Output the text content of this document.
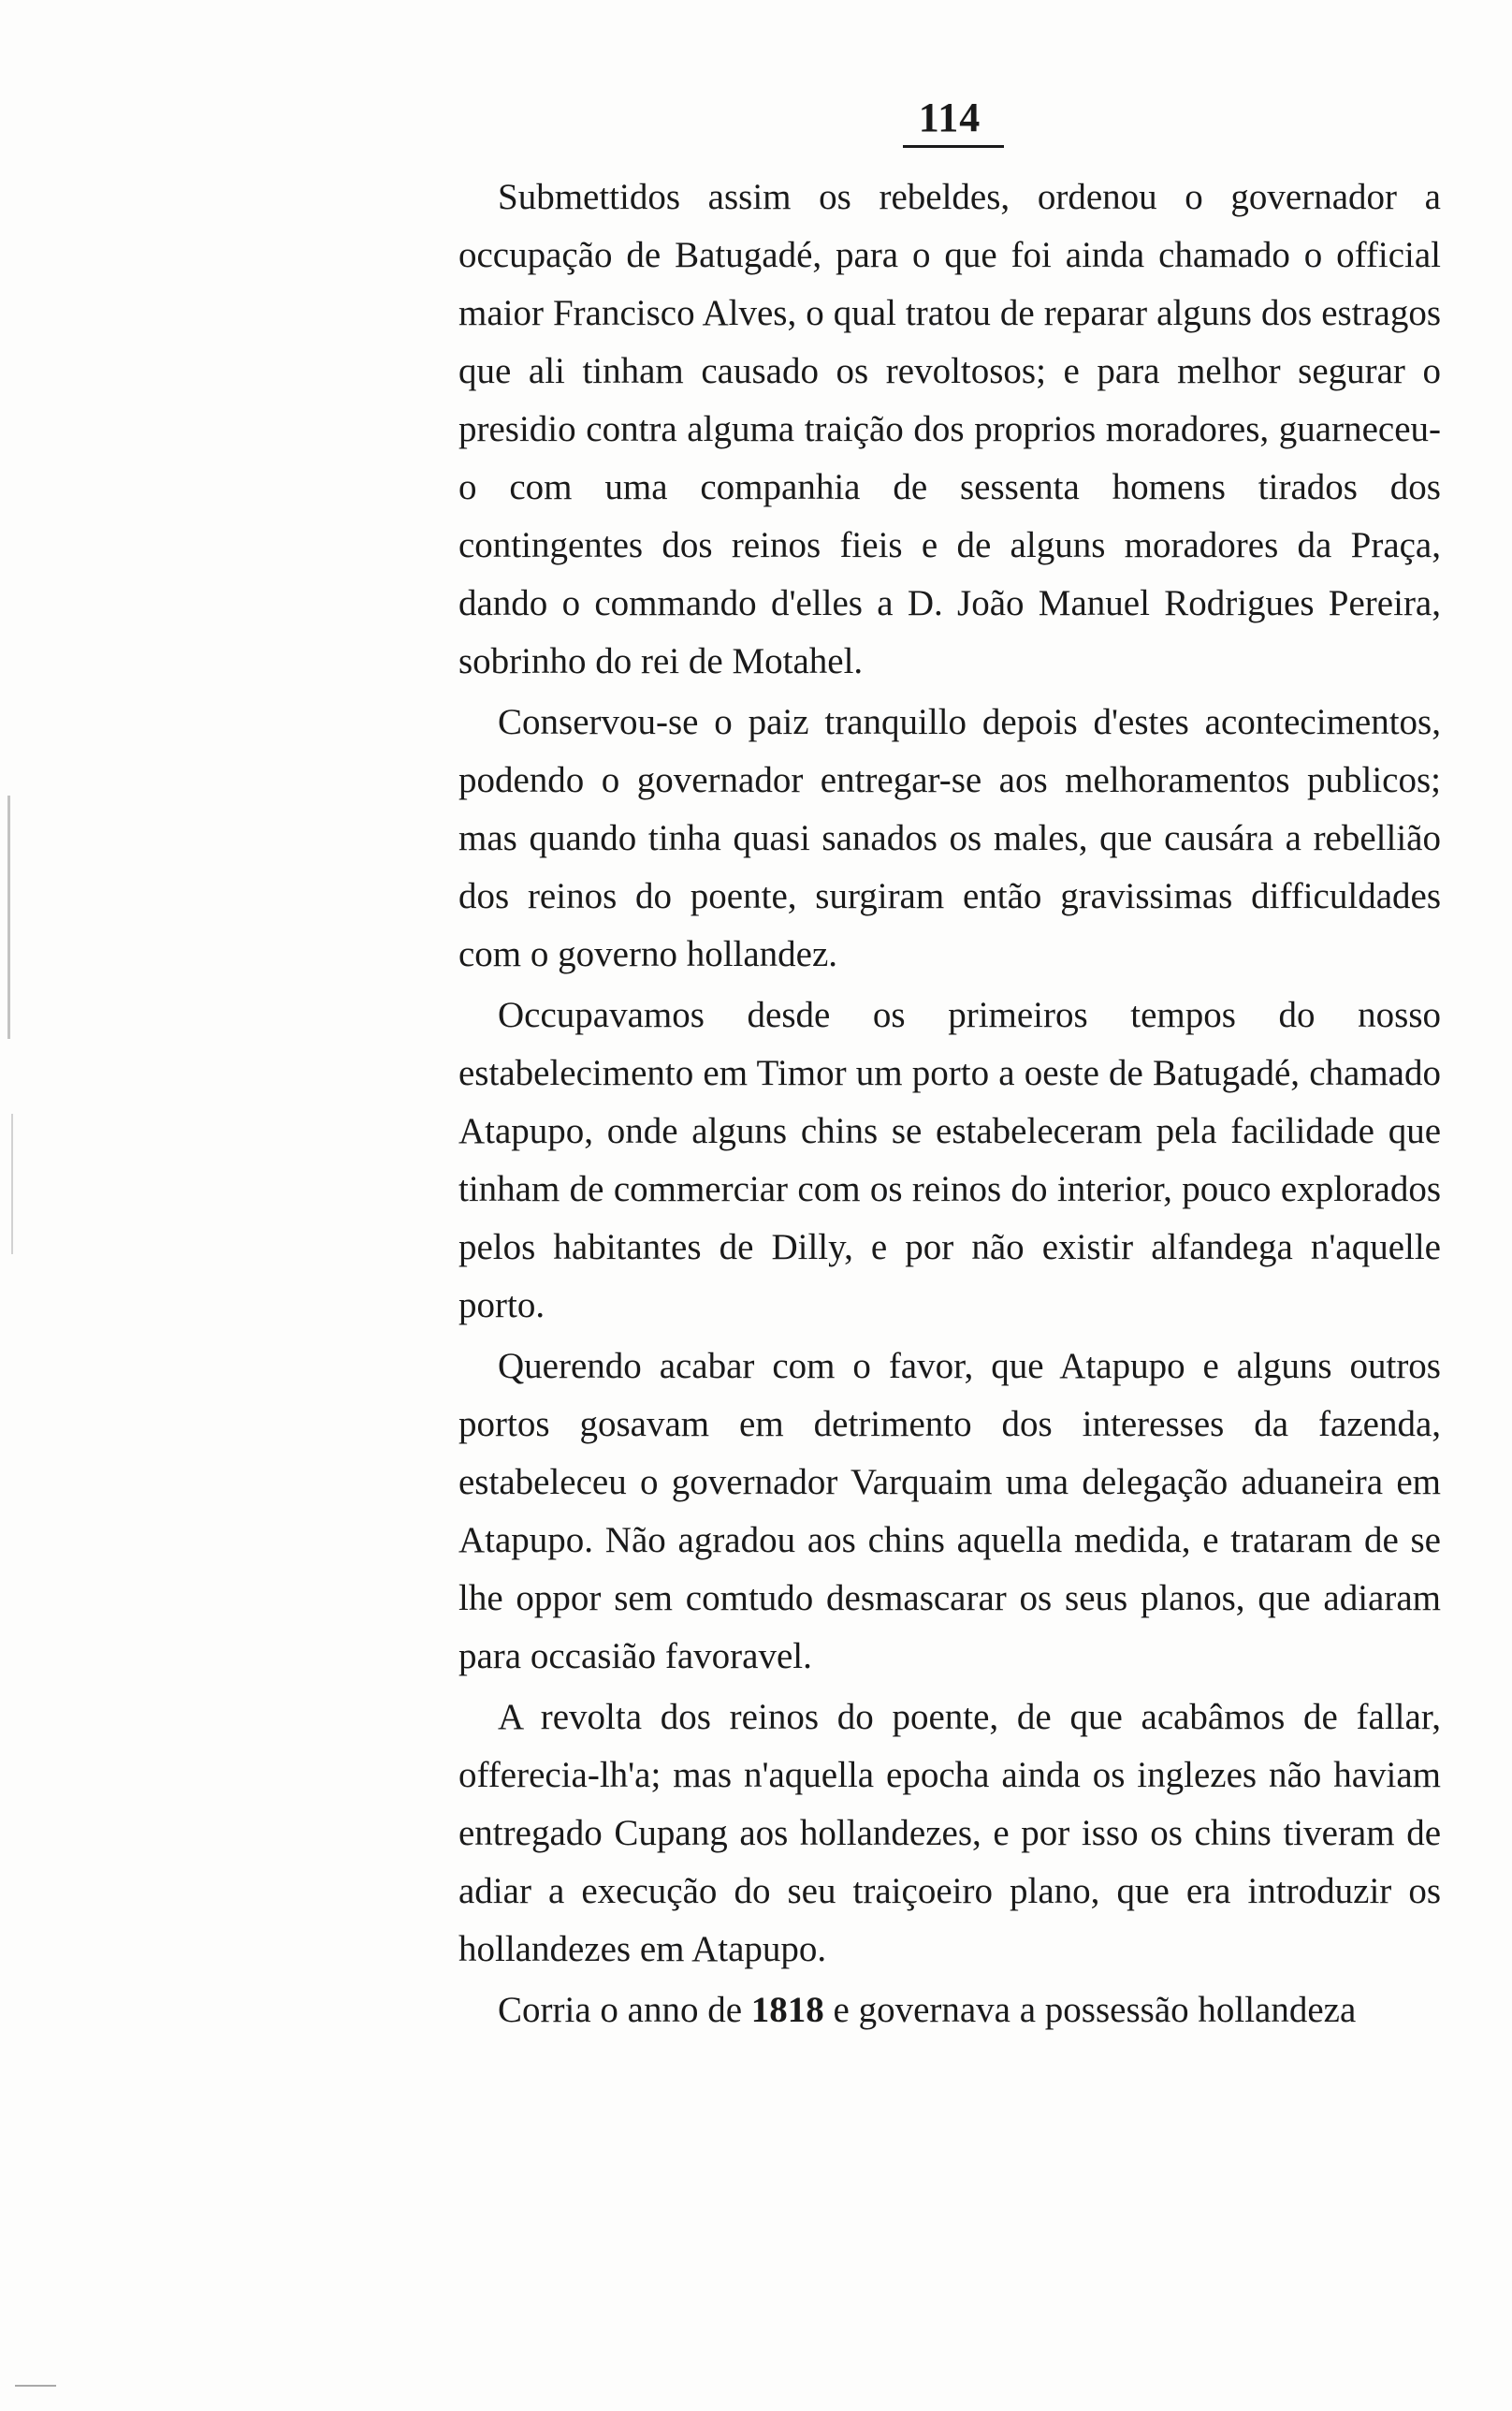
114

Submettidos assim os rebeldes, ordenou o governador a occupação de Batugadé, para o que foi ainda chamado o official maior Francisco Alves, o qual tratou de reparar alguns dos estragos que ali tinham causado os revoltosos; e para melhor segurar o presidio contra alguma traição dos proprios moradores, guarneceu-o com uma companhia de sessenta homens tirados dos contingentes dos reinos fieis e de alguns moradores da Praça, dando o commando d'elles a D. João Manuel Rodrigues Pereira, sobrinho do rei de Motahel.

Conservou-se o paiz tranquillo depois d'estes acontecimentos, podendo o governador entregar-se aos melhoramentos publicos; mas quando tinha quasi sanados os males, que causára a rebellião dos reinos do poente, surgiram então gravissimas difficuldades com o governo hollandez.

Occupavamos desde os primeiros tempos do nosso estabelecimento em Timor um porto a oeste de Batugadé, chamado Atapupo, onde alguns chins se estabeleceram pela facilidade que tinham de commerciar com os reinos do interior, pouco explorados pelos habitantes de Dilly, e por não existir alfandega n'aquelle porto.

Querendo acabar com o favor, que Atapupo e alguns outros portos gosavam em detrimento dos interesses da fazenda, estabeleceu o governador Varquaim uma delegação aduaneira em Atapupo. Não agradou aos chins aquella medida, e trataram de se lhe oppor sem comtudo desmascarar os seus planos, que adiaram para occasião favoravel.

A revolta dos reinos do poente, de que acabâmos de fallar, offerecia-lh'a; mas n'aquella epocha ainda os inglezes não haviam entregado Cupang aos hollandezes, e por isso os chins tiveram de adiar a execução do seu traiçoeiro plano, que era introduzir os hollandezes em Atapupo.

Corria o anno de 1818 e governava a possessão hollandeza
